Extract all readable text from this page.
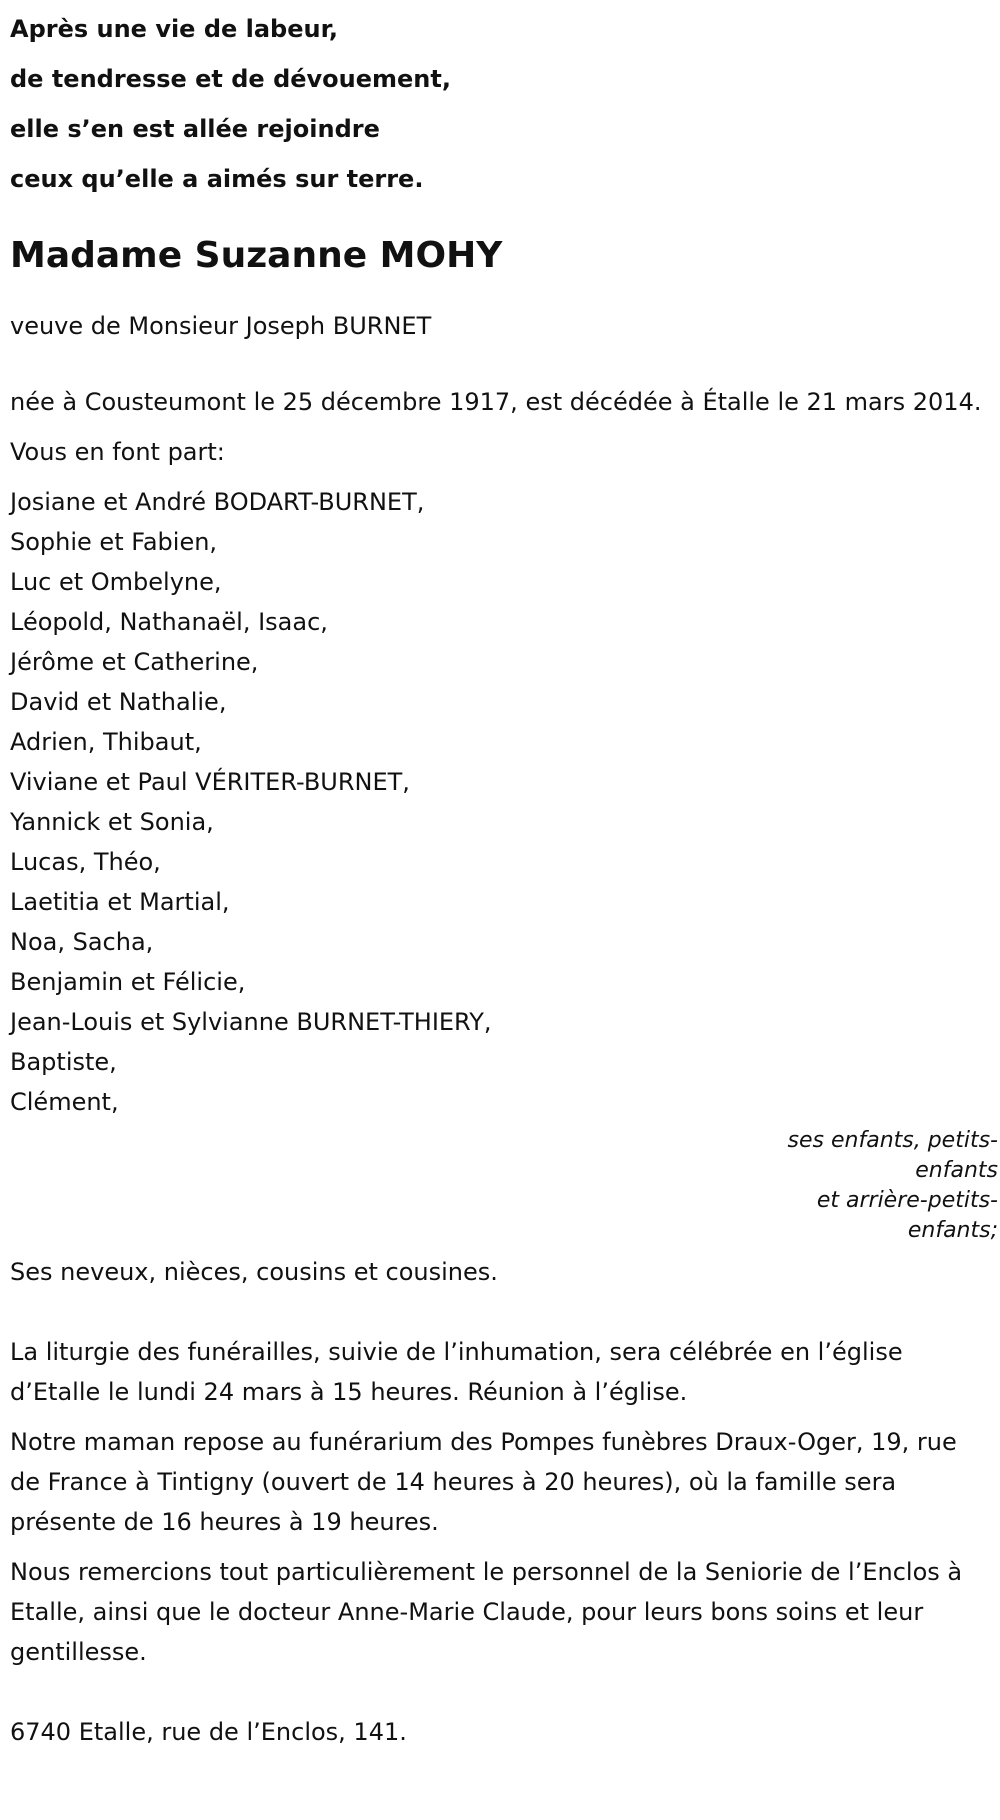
Après une vie de labeur,
de tendresse et de dévouement,
elle s’en est allée rejoindre
ceux qu’elle a aimés sur terre.
Madame Suzanne MOHY
veuve de Monsieur Joseph BURNET
née à Cousteumont le 25 décembre 1917, est décédée à Étalle le 21 mars 2014.
Vous en font part:
Josiane et André BODART-BURNET,
Sophie et Fabien,
Luc et Ombelyne,
Léopold, Nathanaël, Isaac,
Jérôme et Catherine,
David et Nathalie,
Adrien, Thibaut,
Viviane et Paul VÉRITER-BURNET,
Yannick et Sonia,
Lucas, Théo,
Laetitia et Martial,
Noa, Sacha,
Benjamin et Félicie,
Jean-Louis et Sylvianne BURNET-THIERY,
Baptiste,
Clément,
ses enfants, petits-
enfants
et arrière-petits-
enfants;
Ses neveux, nièces, cousins et cousines.
La liturgie des funérailles, suivie de l’inhumation, sera célébrée en l’église d’Etalle le lundi 24 mars à 15 heures. Réunion à l’église.
Notre maman repose au funérarium des Pompes funèbres Draux-Oger, 19, rue de France à Tintigny (ouvert de 14 heures à 20 heures), où la famille sera présente de 16 heures à 19 heures.
Nous remercions tout particulièrement le personnel de la Seniorie de l’Enclos à Etalle, ainsi que le docteur Anne-Marie Claude, pour leurs bons soins et leur gentillesse.
6740 Etalle, rue de l’Enclos, 141.
